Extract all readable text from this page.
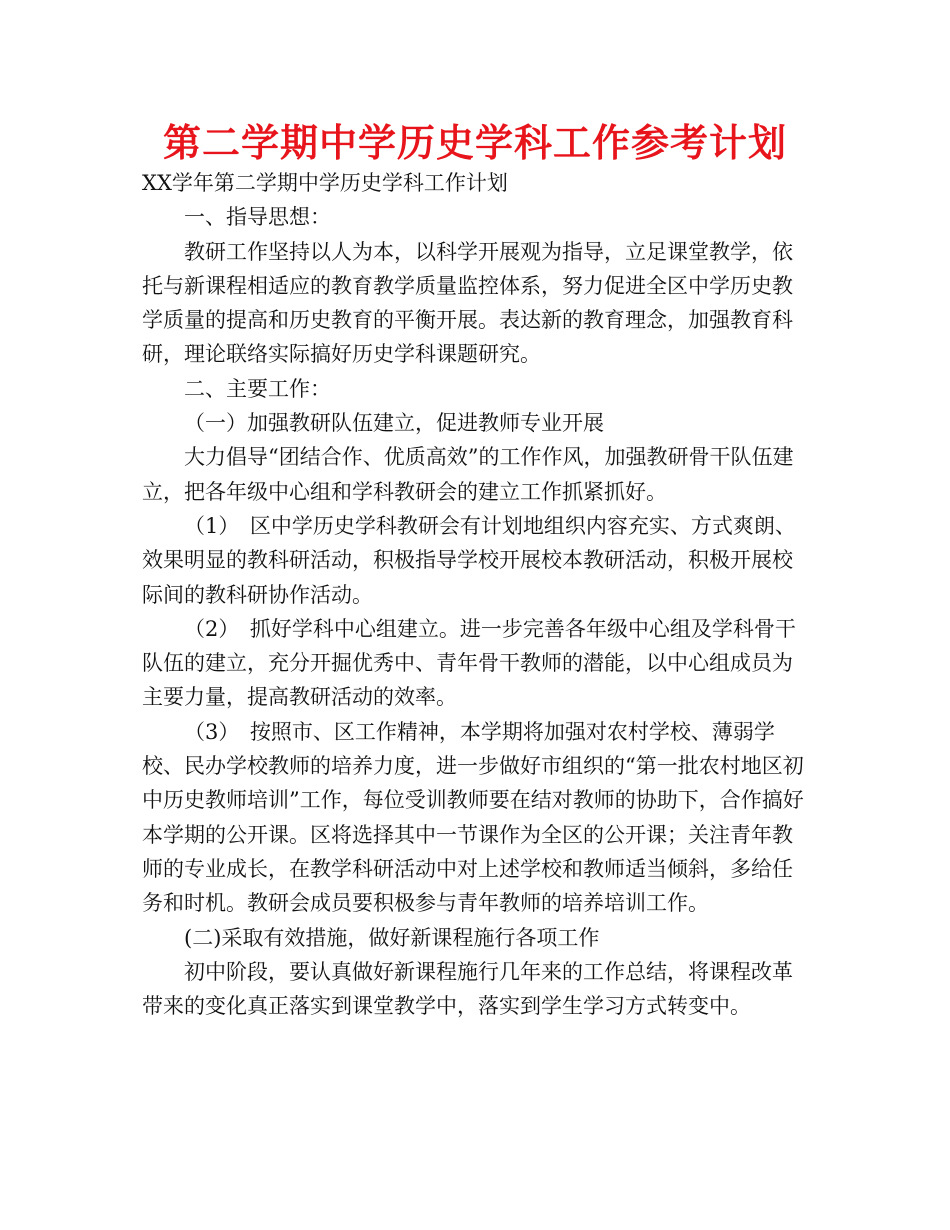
第二学期中学历史学科工作参考计划

XX学年第二学期中学历史学科工作计划

一、指导思想：

教研工作坚持以人为本，以科学开展观为指导，立足课堂教学，依托与新课程相适应的教育教学质量监控体系，努力促进全区中学历史教学质量的提高和历史教育的平衡开展。表达新的教育理念，加强教育科研，理论联络实际搞好历史学科课题研究。

二、主要工作：

（一）加强教研队伍建立，促进教师专业开展

大力倡导“团结合作、优质高效”的工作作风，加强教研骨干队伍建立，把各年级中心组和学科教研会的建立工作抓紧抓好。

（1）　区中学历史学科教研会有计划地组织内容充实、方式爽朗、效果明显的教科研活动，积极指导学校开展校本教研活动，积极开展校际间的教科研协作活动。

（2）　抓好学科中心组建立。进一步完善各年级中心组及学科骨干队伍的建立，充分开掘优秀中、青年骨干教师的潜能，以中心组成员为主要力量，提高教研活动的效率。

（3）　按照市、区工作精神，本学期将加强对农村学校、薄弱学校、民办学校教师的培养力度，进一步做好市组织的“第一批农村地区初中历史教师培训”工作，每位受训教师要在结对教师的协助下，合作搞好本学期的公开课。区将选择其中一节课作为全区的公开课；关注青年教师的专业成长，在教学科研活动中对上述学校和教师适当倾斜，多给任务和时机。教研会成员要积极参与青年教师的培养培训工作。

(二)采取有效措施，做好新课程施行各项工作

初中阶段，要认真做好新课程施行几年来的工作总结，将课程改革带来的变化真正落实到课堂教学中，落实到学生学习方式转变中。
